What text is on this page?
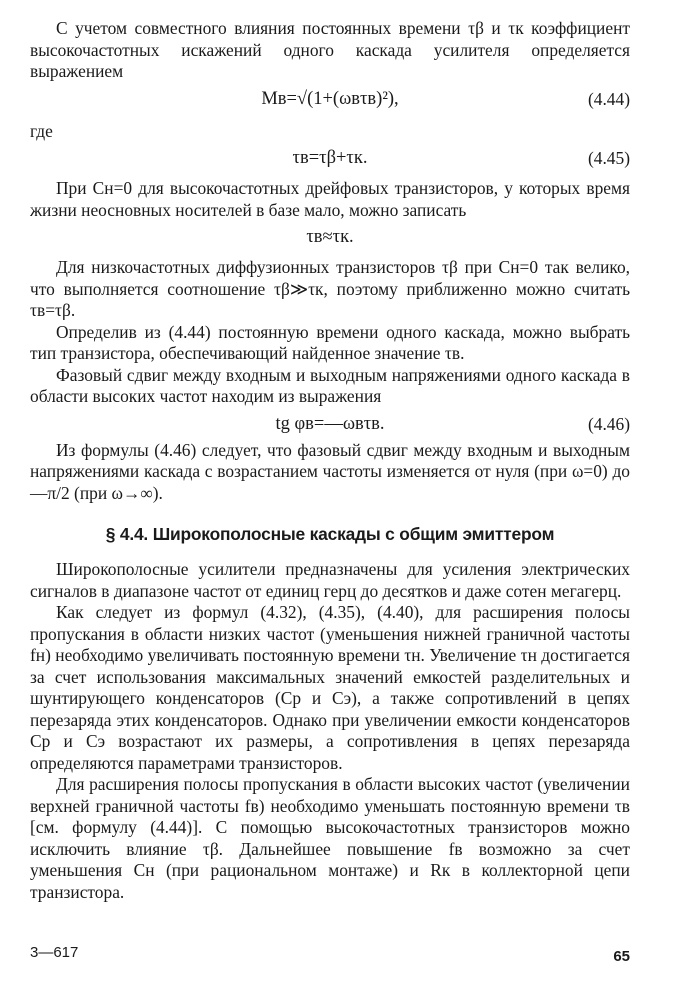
С учетом совместного влияния постоянных времени τβ и τк коэффициент высокочастотных искажений одного каскада усилителя определяется выражением

Mв=√(1+(ωвτв)²),	(4.44)
где
τв=τβ+τк.	(4.45)

При Cн=0 для высокочастотных дрейфовых транзисторов, у которых время жизни неосновных носителей в базе мало, можно записать

τв≈τк.

Для низкочастотных диффузионных транзисторов τβ при Cн=0 так велико, что выполняется соотношение τβ≫τк, поэтому приближенно можно считать τв=τβ.

Определив из (4.44) постоянную времени одного каскада, можно выбрать тип транзистора, обеспечивающий найденное значение τв.

Фазовый сдвиг между входным и выходным напряжениями одного каскада в области высоких частот находим из выражения

tg φв=—ωвτв.	(4.46)

Из формулы (4.46) следует, что фазовый сдвиг между входным и выходным напряжениями каскада с возрастанием частоты изменяется от нуля (при ω=0) до —π/2 (при ω→∞).

§ 4.4. Широкополосные каскады с общим эмиттером

Широкополосные усилители предназначены для усиления электрических сигналов в диапазоне частот от единиц герц до десятков и даже сотен мегагерц.

Как следует из формул (4.32), (4.35), (4.40), для расширения полосы пропускания в области низких частот (уменьшения нижней граничной частоты fн) необходимо увеличивать постоянную времени τн. Увеличение τн достигается за счет использования максимальных значений емкостей разделительных и шунтирующего конденсаторов (Cр и Cэ), а также сопротивлений в цепях перезаряда этих конденсаторов. Однако при увеличении емкости конденсаторов Cр и Cэ возрастают их размеры, а сопротивления в цепях перезаряда определяются параметрами транзисторов.

Для расширения полосы пропускания в области высоких частот (увеличении верхней граничной частоты fв) необходимо уменьшать постоянную времени τв [см. формулу (4.44)]. С помощью высокочастотных транзисторов можно исключить влияние τβ. Дальнейшее повышение fв возможно за счет уменьшения Cн (при рациональном монтаже) и Rк в коллекторной цепи транзистора.

3—617	65
